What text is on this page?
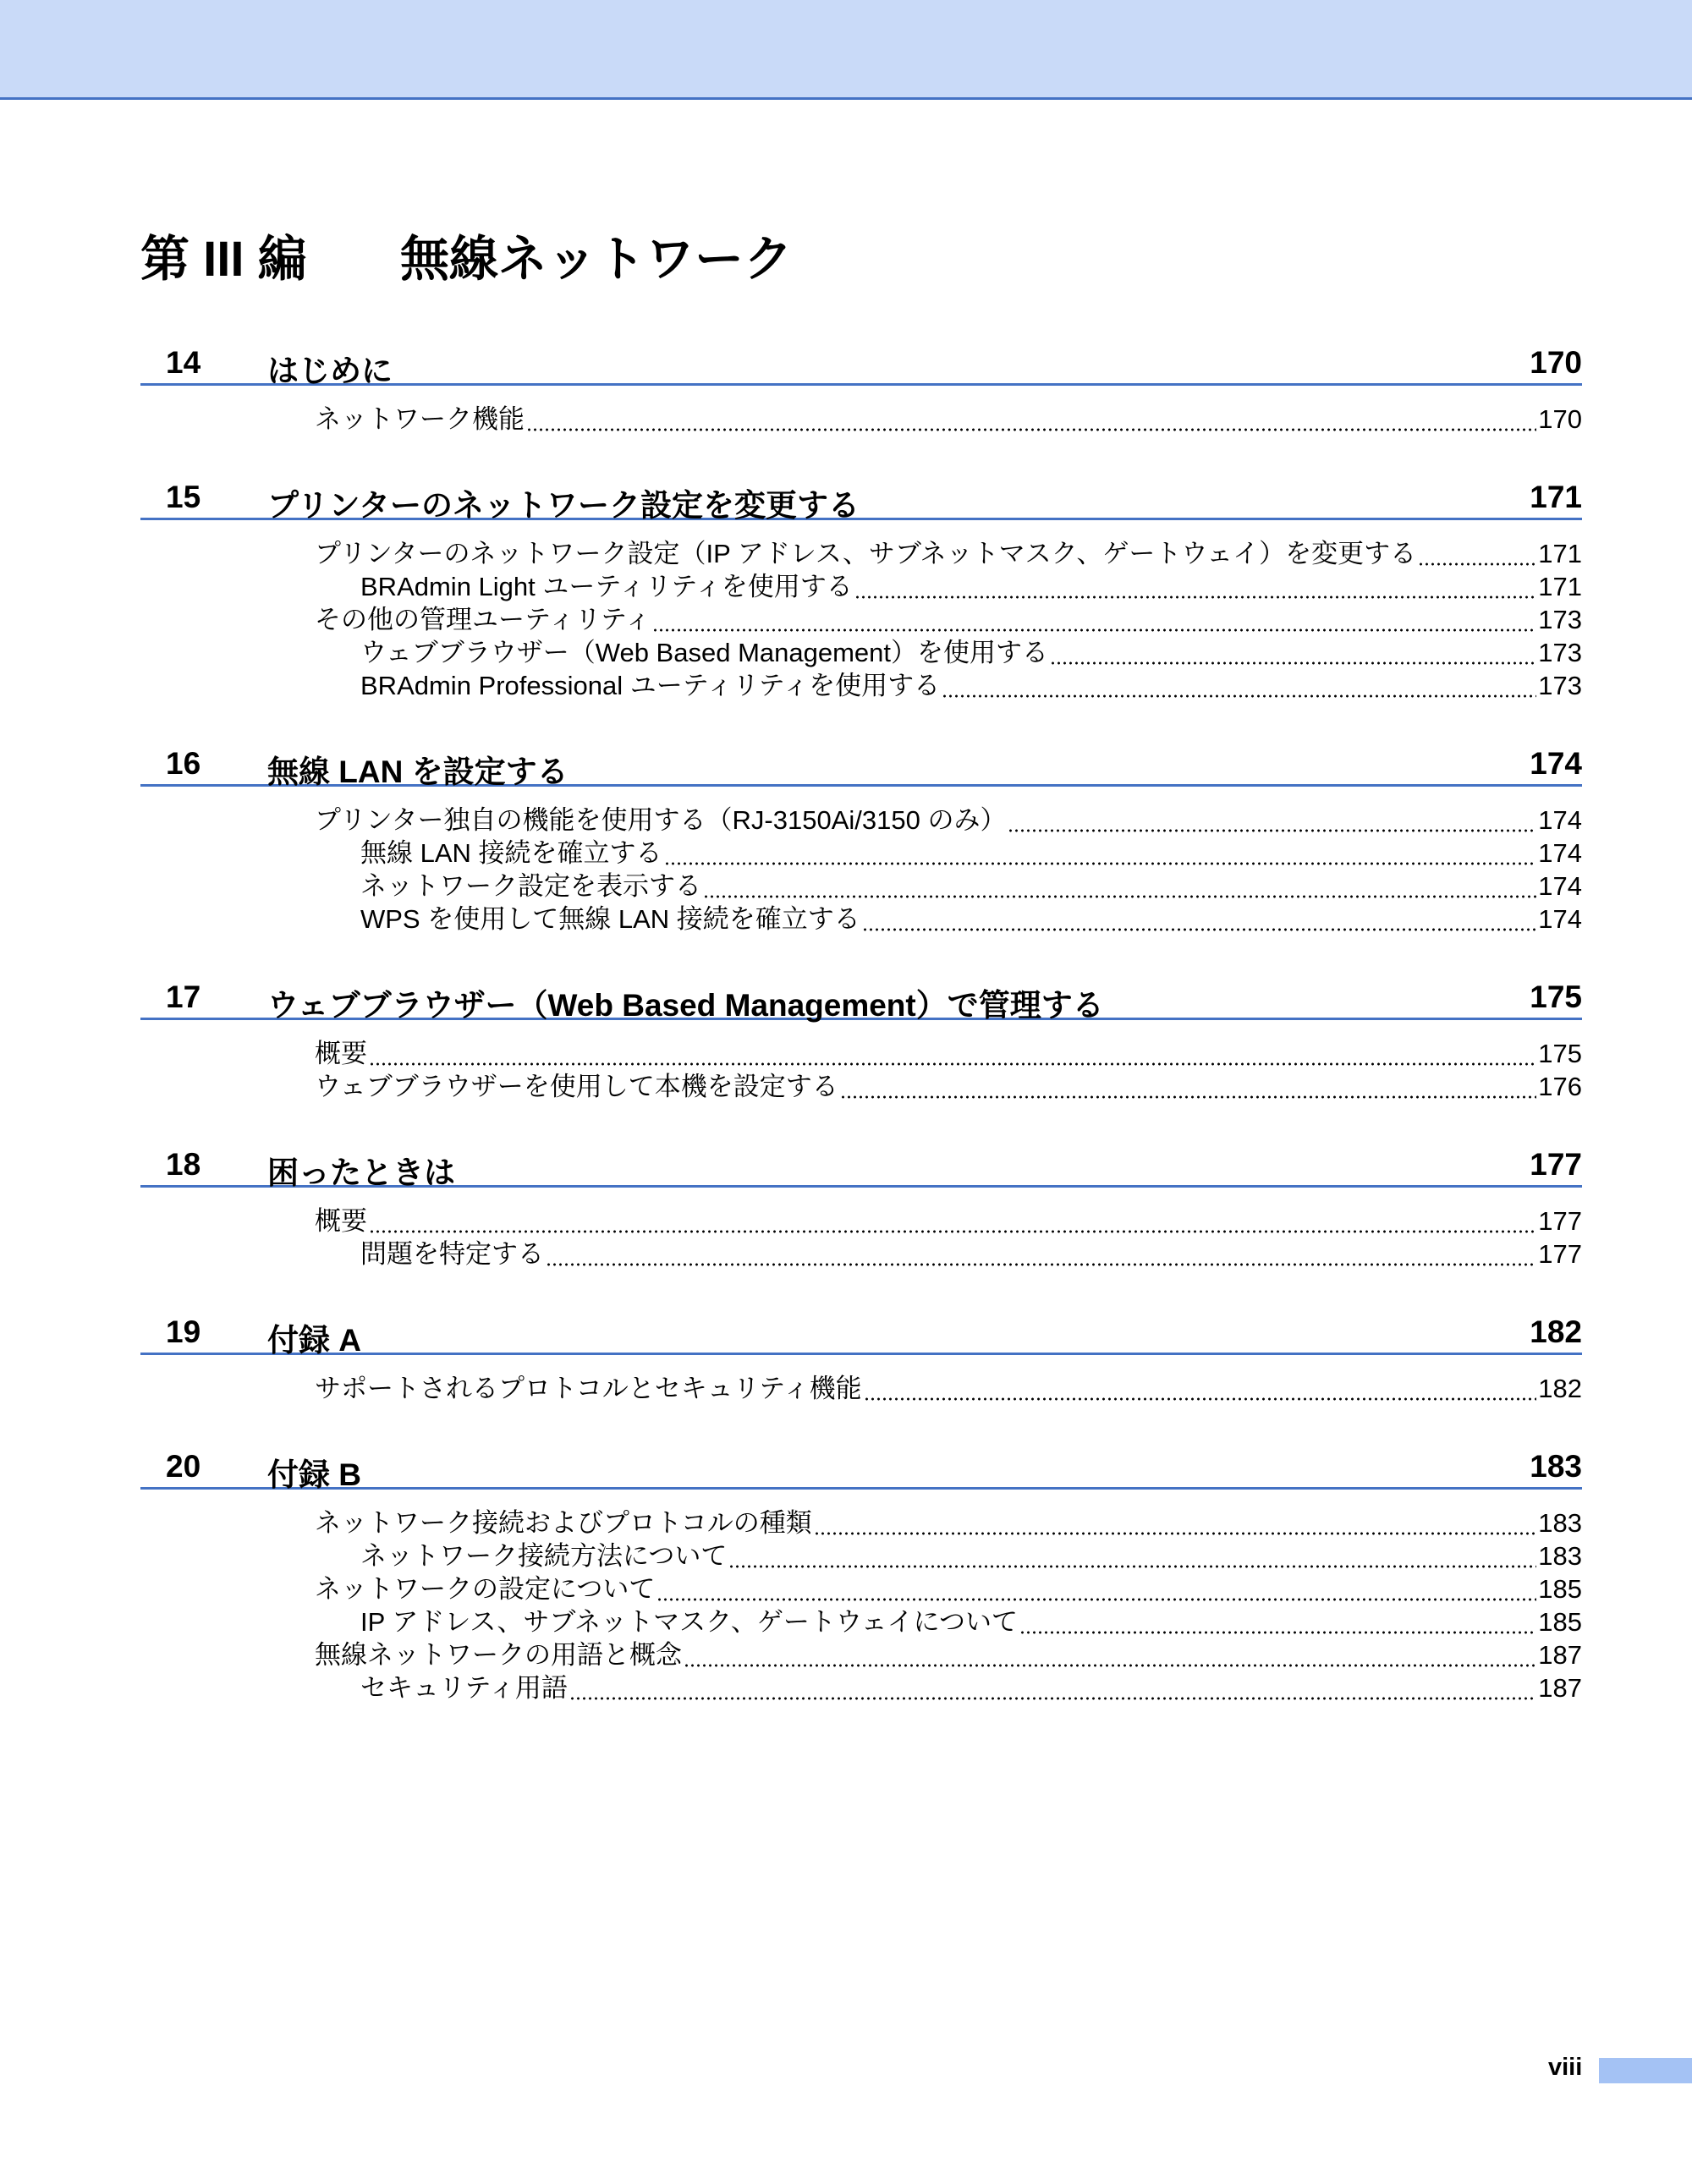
第 III 編 無線ネットワーク
14 はじめに	170
ネットワーク機能	170
15 プリンターのネットワーク設定を変更する	171
プリンターのネットワーク設定（IP アドレス、サブネットマスク、ゲートウェイ）を変更する	171
BRAdmin Light ユーティリティを使用する	171
その他の管理ユーティリティ	173
ウェブブラウザー（Web Based Management）を使用する	173
BRAdmin Professional ユーティリティを使用する	173
16 無線 LAN を設定する	174
プリンター独自の機能を使用する（RJ-3150Ai/3150 のみ）	174
無線 LAN 接続を確立する	174
ネットワーク設定を表示する	174
WPS を使用して無線 LAN 接続を確立する	174
17 ウェブブラウザー（Web Based Management）で管理する	175
概要	175
ウェブブラウザーを使用して本機を設定する	176
18 困ったときは	177
概要	177
問題を特定する	177
19 付録 A	182
サポートされるプロトコルとセキュリティ機能	182
20 付録 B	183
ネットワーク接続およびプロトコルの種類	183
ネットワーク接続方法について	183
ネットワークの設定について	185
IP アドレス、サブネットマスク、ゲートウェイについて	185
無線ネットワークの用語と概念	187
セキュリティ用語	187
viii
